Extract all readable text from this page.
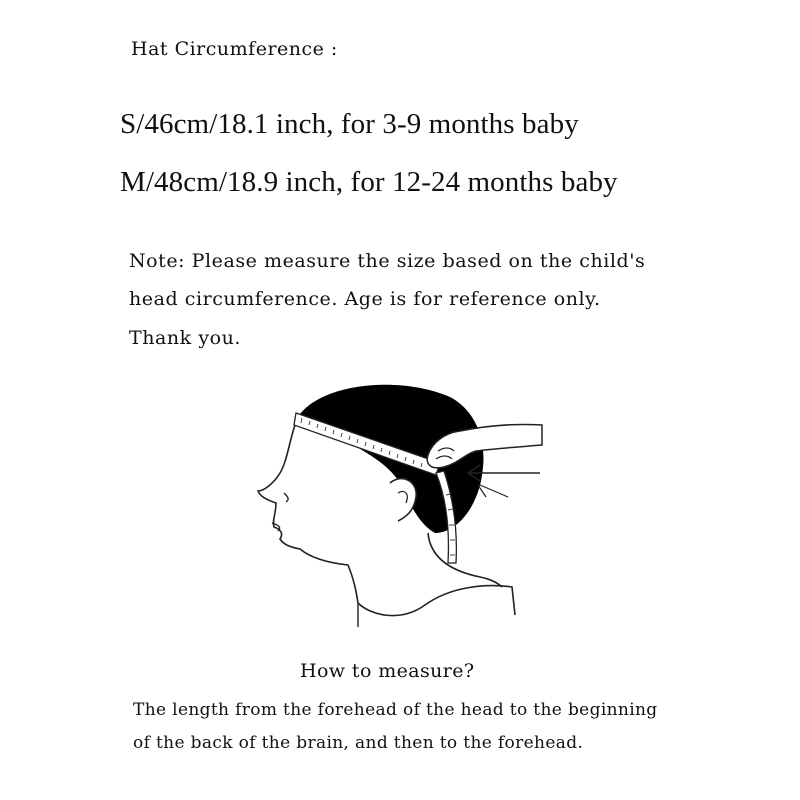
Hat Circumference :
S/46cm/18.1 inch, for 3-9 months baby
M/48cm/18.9 inch, for 12-24 months baby
Note: Please measure the size based on the child's
head circumference. Age is for reference only.
Thank you.
How to measure?
The length from the forehead of the head to the beginning
of the back of the brain, and then to the forehead.
